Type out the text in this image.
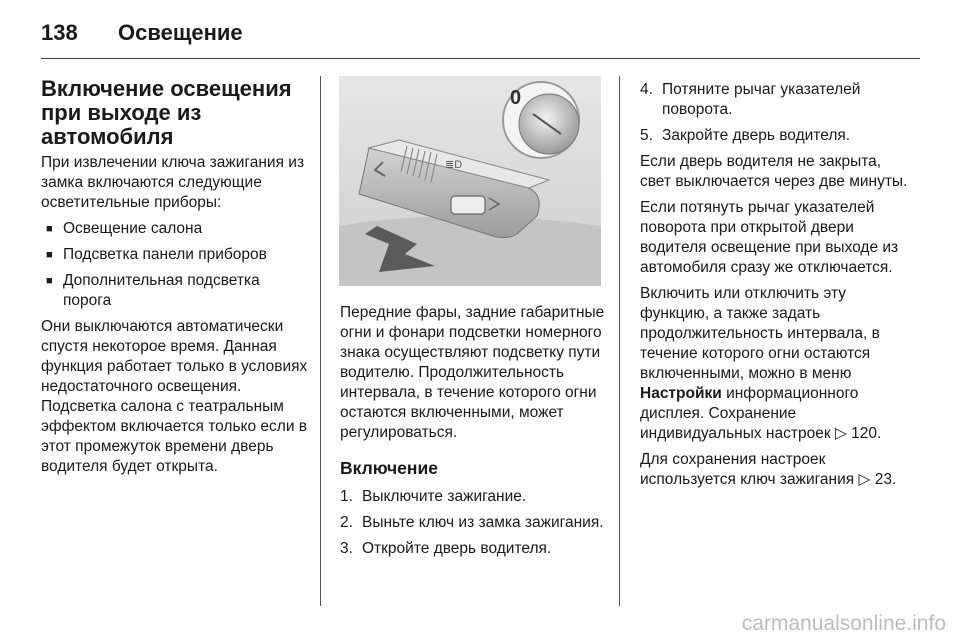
138 Освещение
Включение освещения при выходе из автомобиля

При извлечении ключа зажигания из замка включаются следующие осветительные приборы:

■ Освещение салона
■ Подсветка панели приборов
■ Дополнительная подсветка порога

Они выключаются автоматически спустя некоторое время. Данная функция работает только в условиях недостаточного освещения. Подсветка салона с театральным эффектом включается только если в этот промежуток времени дверь водителя будет открыта.

≣D
0

Передние фары, задние габаритные огни и фонари подсветки номерного знака осуществляют подсветку пути водителю. Продолжительность интервала, в течение которого огни остаются включенными, может регулироваться.

Включение
1. Выключите зажигание.
2. Выньте ключ из замка зажигания.
3. Откройте дверь водителя.
4. Потяните рычаг указателей поворота.
5. Закройте дверь водителя.

Если дверь водителя не закрыта, свет выключается через две минуты.

Если потянуть рычаг указателей поворота при открытой двери водителя освещение при выходе из автомобиля сразу же отключается.

Включить или отключить эту функцию, а также задать продолжительность интервала, в течение которого огни остаются включенными, можно в меню Настройки информационного дисплея. Сохранение индивидуальных настроек ▷ 120.

Для сохранения настроек используется ключ зажигания ▷ 23.

carmanualsonline.info
